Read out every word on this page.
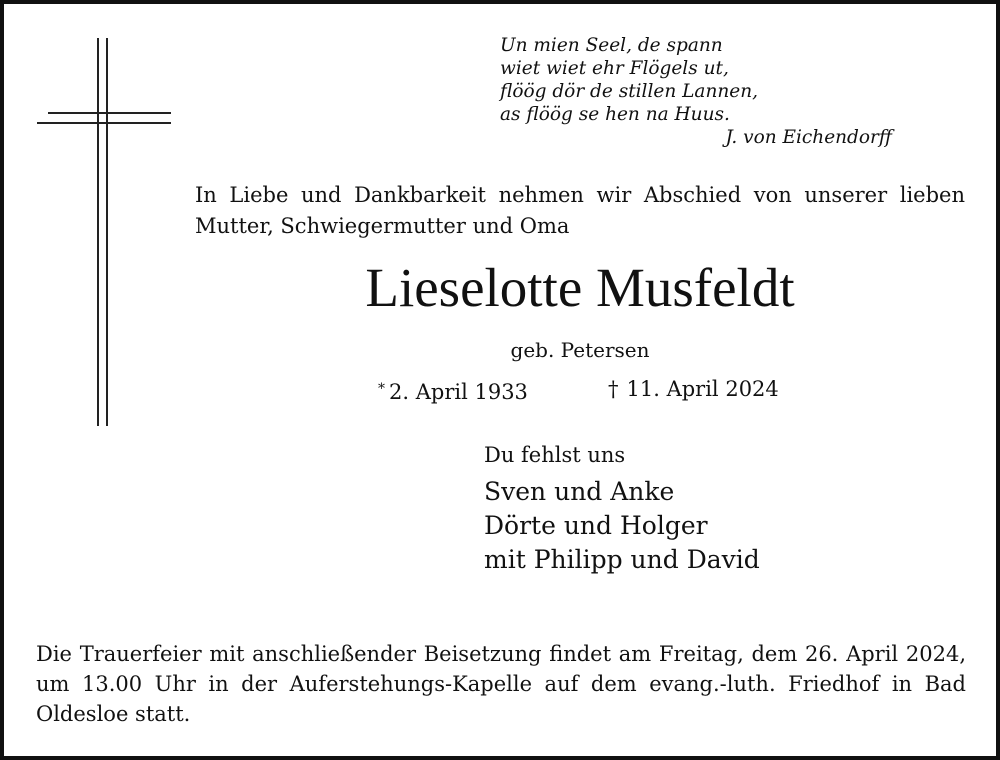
Un mien Seel, de spann
wiet wiet ehr Flögels ut,
flöög dör de stillen Lannen,
as flöög se hen na Huus.
J. von Eichendorff
In Liebe und Dankbarkeit nehmen wir Abschied von unserer lieben Mutter, Schwiegermutter und Oma
Lieselotte Musfeldt
geb. Petersen
* 2. April 1933	† 11. April 2024
Du fehlst uns
Sven und Anke
Dörte und Holger
mit Philipp und David
Die Trauerfeier mit anschließender Beisetzung findet am Freitag, dem 26. April 2024, um 13.00 Uhr in der Auferstehungs-Kapelle auf dem evang.-luth. Friedhof in Bad Oldesloe statt.
